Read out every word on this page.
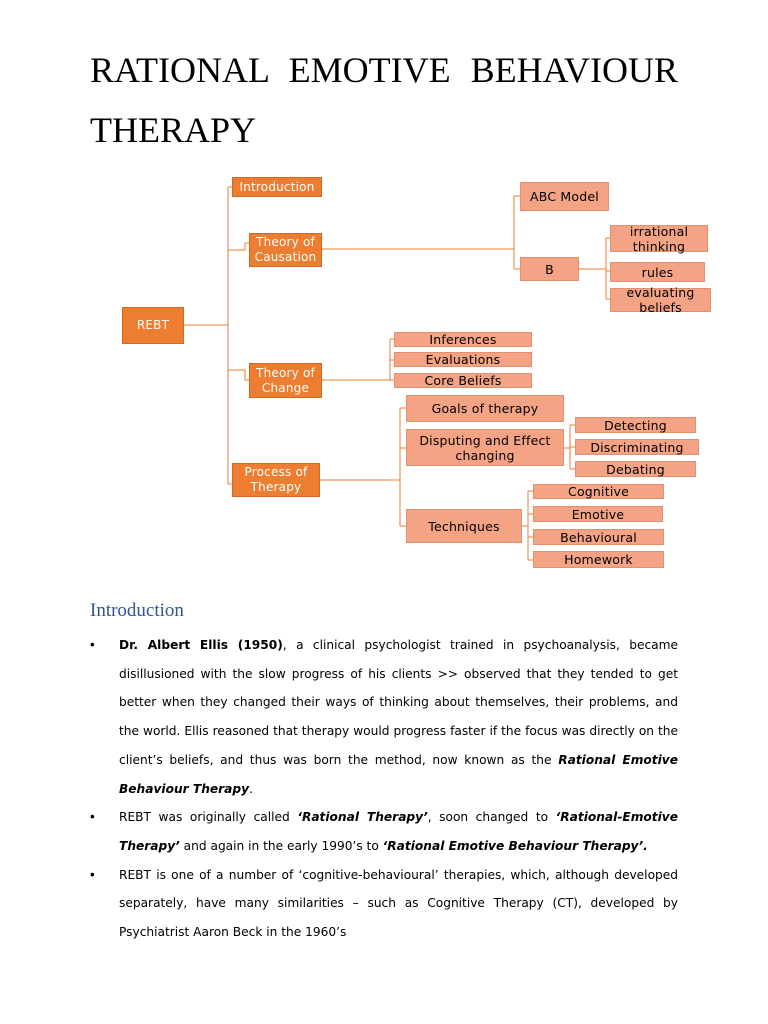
RATIONAL EMOTIVE BEHAVIOUR
THERAPY
REBT
Introduction
Theory of Causation
Theory of Change
Process of Therapy
ABC Model
B
irrational thinking
rules
evaluating beliefs
Inferences
Evaluations
Core Beliefs
Goals of therapy
Disputing and Effect changing
Techniques
Detecting
Discriminating
Debating
Cognitive
Emotive
Behavioural
Homework
Introduction
• Dr. Albert Ellis (1950), a clinical psychologist trained in psychoanalysis, became disillusioned with the slow progress of his clients >> observed that they tended to get better when they changed their ways of thinking about themselves, their problems, and the world. Ellis reasoned that therapy would progress faster if the focus was directly on the client’s beliefs, and thus was born the method, now known as the Rational Emotive Behaviour Therapy.

• REBT was originally called ‘Rational Therapy’, soon changed to ‘Rational-Emotive Therapy’ and again in the early 1990’s to ‘Rational Emotive Behaviour Therapy’.

• REBT is one of a number of ‘cognitive-behavioural’ therapies, which, although developed separately, have many similarities – such as Cognitive Therapy (CT), developed by Psychiatrist Aaron Beck in the 1960’s
